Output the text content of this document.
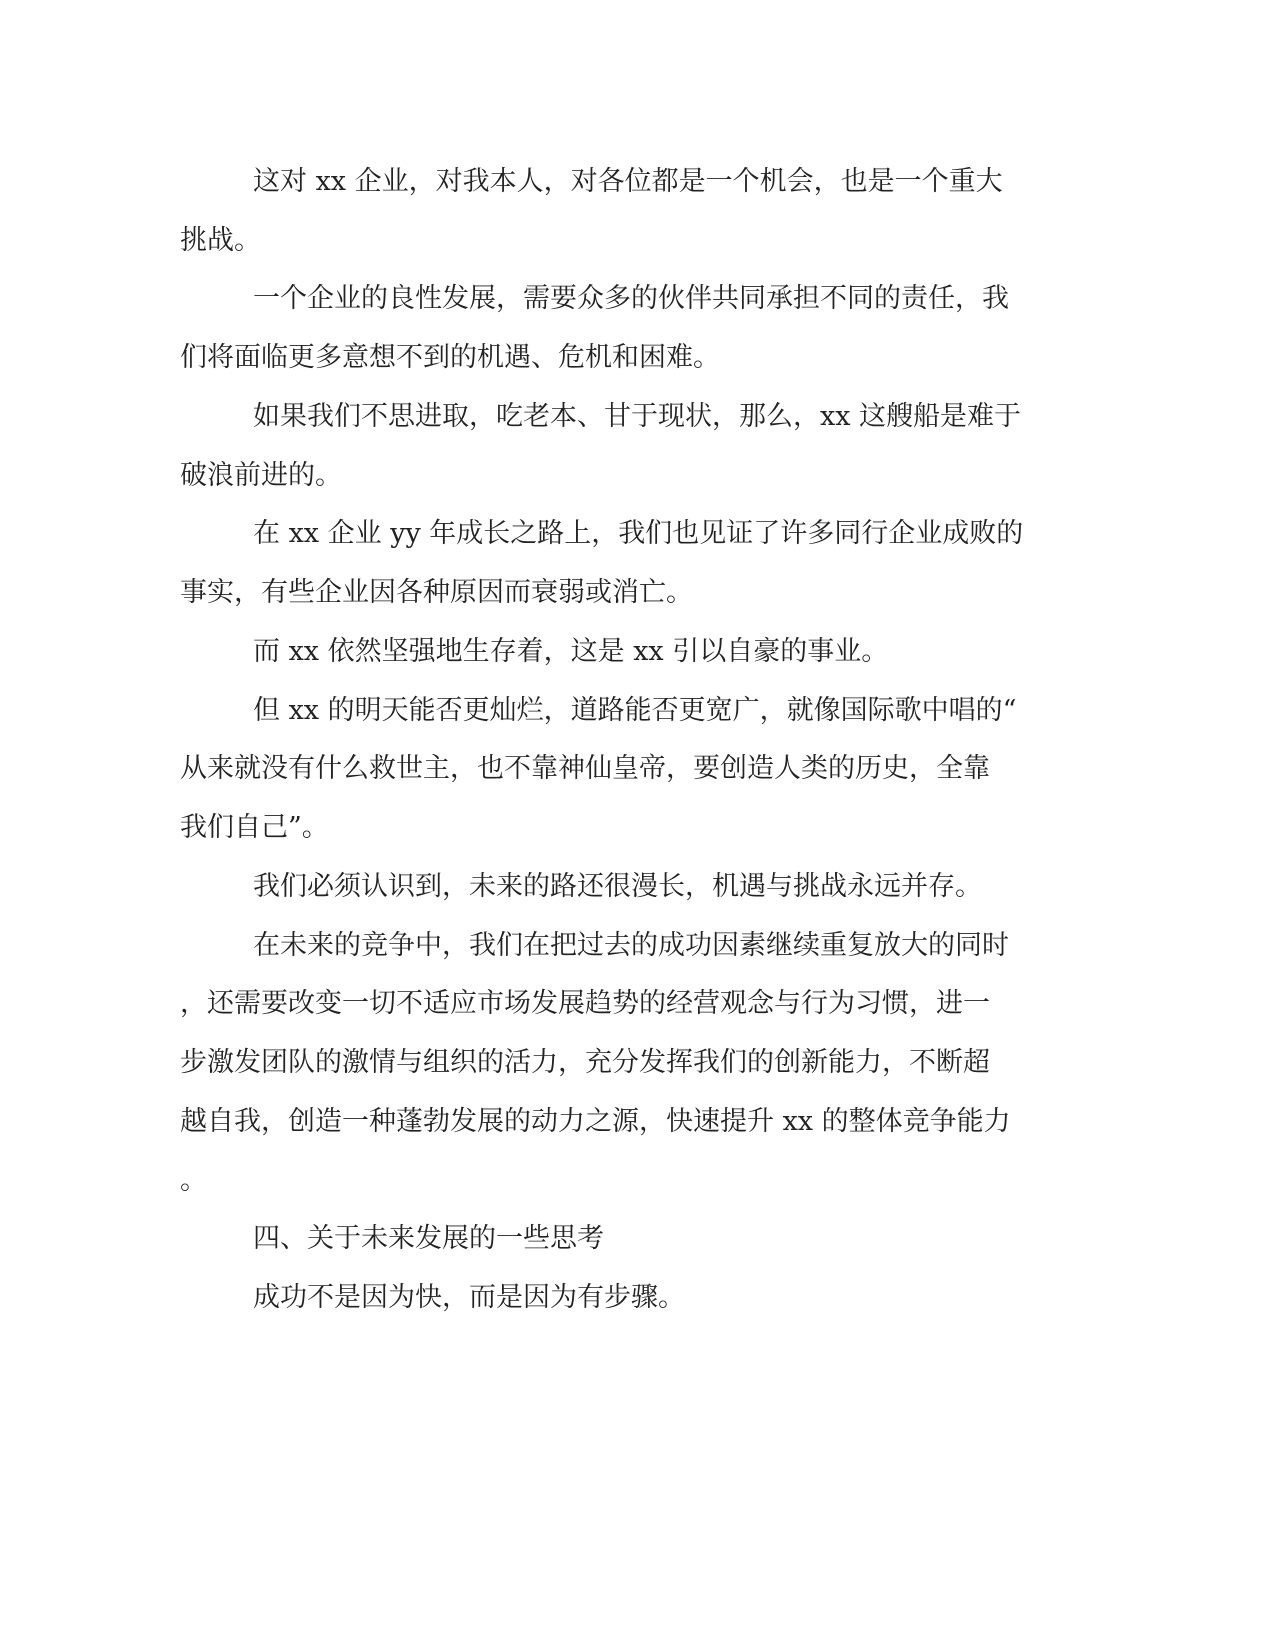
这对 xx 企业，对我本人，对各位都是一个机会，也是一个重大

挑战。

一个企业的良性发展，需要众多的伙伴共同承担不同的责任，我

们将面临更多意想不到的机遇、危机和困难。

如果我们不思进取，吃老本、甘于现状，那么，xx 这艘船是难于

破浪前进的。

在 xx 企业 yy 年成长之路上，我们也见证了许多同行企业成败的

事实，有些企业因各种原因而衰弱或消亡。

而 xx 依然坚强地生存着，这是 xx 引以自豪的事业。

但 xx 的明天能否更灿烂，道路能否更宽广，就像国际歌中唱的“

从来就没有什么救世主，也不靠神仙皇帝，要创造人类的历史，全靠

我们自己”。

我们必须认识到，未来的路还很漫长，机遇与挑战永远并存。

在未来的竞争中，我们在把过去的成功因素继续重复放大的同时

，还需要改变一切不适应市场发展趋势的经营观念与行为习惯，进一

步激发团队的激情与组织的活力，充分发挥我们的创新能力，不断超

越自我，创造一种蓬勃发展的动力之源，快速提升 xx 的整体竞争能力

。

四、关于未来发展的一些思考

成功不是因为快，而是因为有步骤。
